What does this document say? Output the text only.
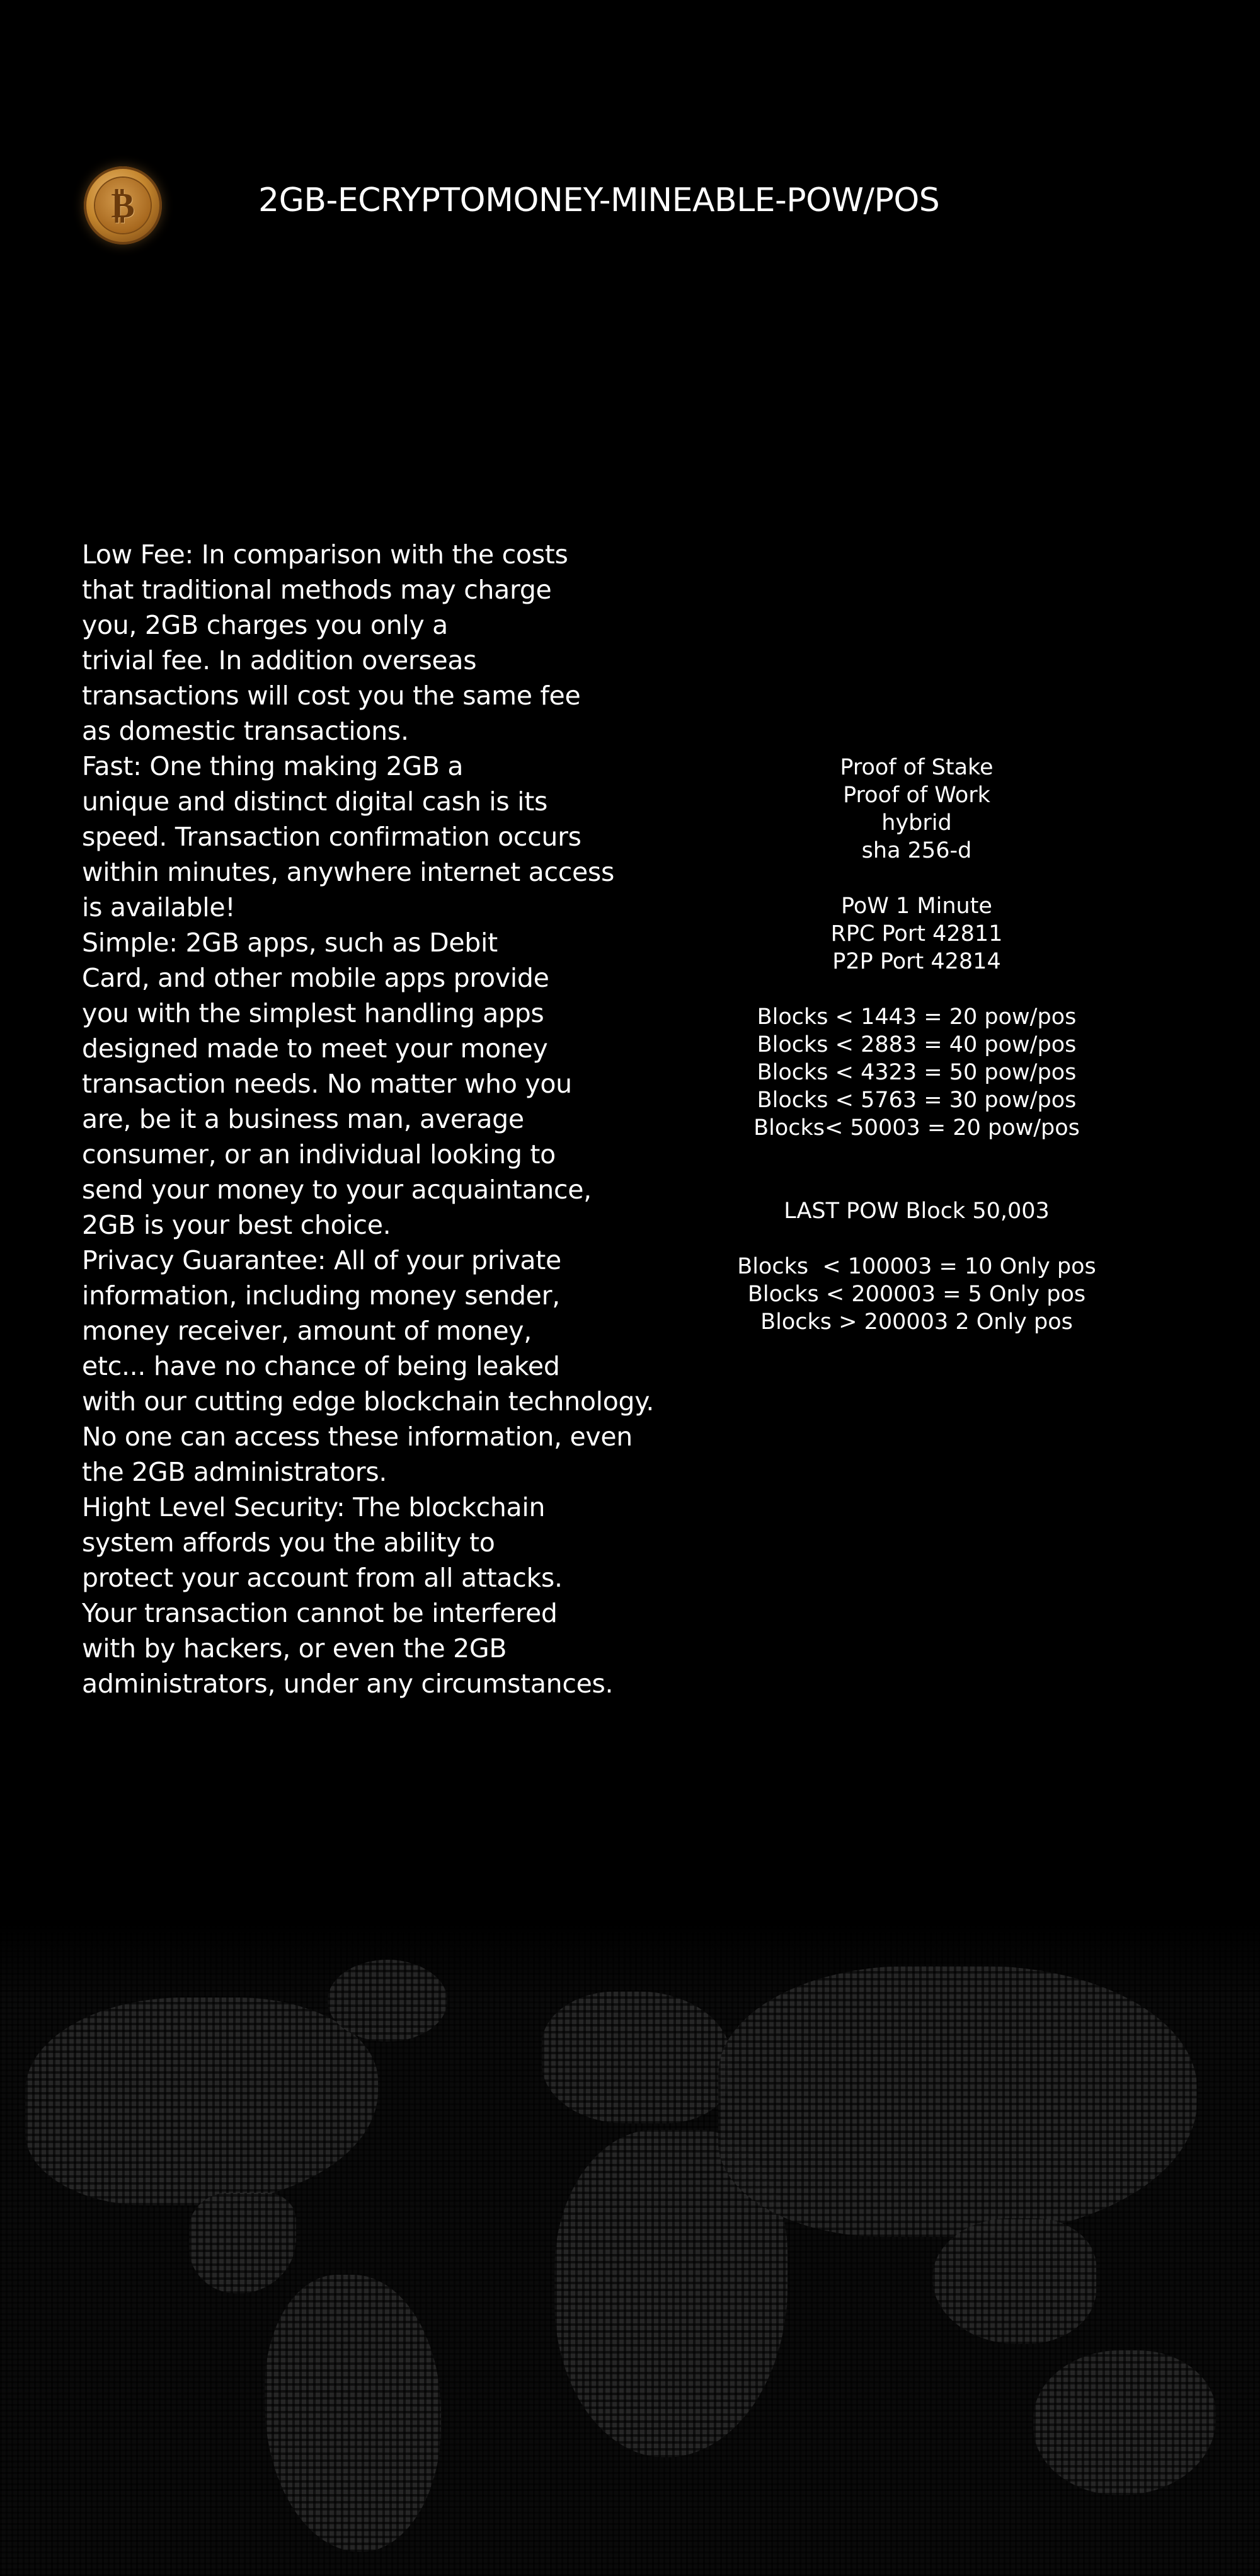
₿	2GB-ECRYPTOMONEY-MINEABLE-POW/POS
Low Fee: In comparison with the costs
that traditional methods may charge
you, 2GB charges you only a
trivial fee. In addition overseas
transactions will cost you the same fee
as domestic transactions.
Fast: One thing making 2GB a
unique and distinct digital cash is its
speed. Transaction confirmation occurs
within minutes, anywhere internet access
is available!
Simple: 2GB apps, such as Debit
Card, and other mobile apps provide
you with the simplest handling apps
designed made to meet your money
transaction needs. No matter who you
are, be it a business man, average
consumer, or an individual looking to
send your money to your acquaintance,
2GB is your best choice.
Privacy Guarantee: All of your private
information, including money sender,
money receiver, amount of money,
etc... have no chance of being leaked
with our cutting edge blockchain technology.
No one can access these information, even
the 2GB administrators.
Hight Level Security: The blockchain
system affords you the ability to
protect your account from all attacks.
Your transaction cannot be interfered
with by hackers, or even the 2GB
administrators, under any circumstances.
Proof of Stake
Proof of Work
hybrid
sha 256-d
PoW 1 Minute
RPC Port 42811
P2P Port 42814
Blocks < 1443 = 20 pow/pos
Blocks < 2883 = 40 pow/pos
Blocks < 4323 = 50 pow/pos
Blocks < 5763 = 30 pow/pos
Blocks< 50003 = 20 pow/pos
LAST POW Block 50,003
Blocks  < 100003 = 10 Only pos
Blocks < 200003 = 5 Only pos
Blocks > 200003 2 Only pos
